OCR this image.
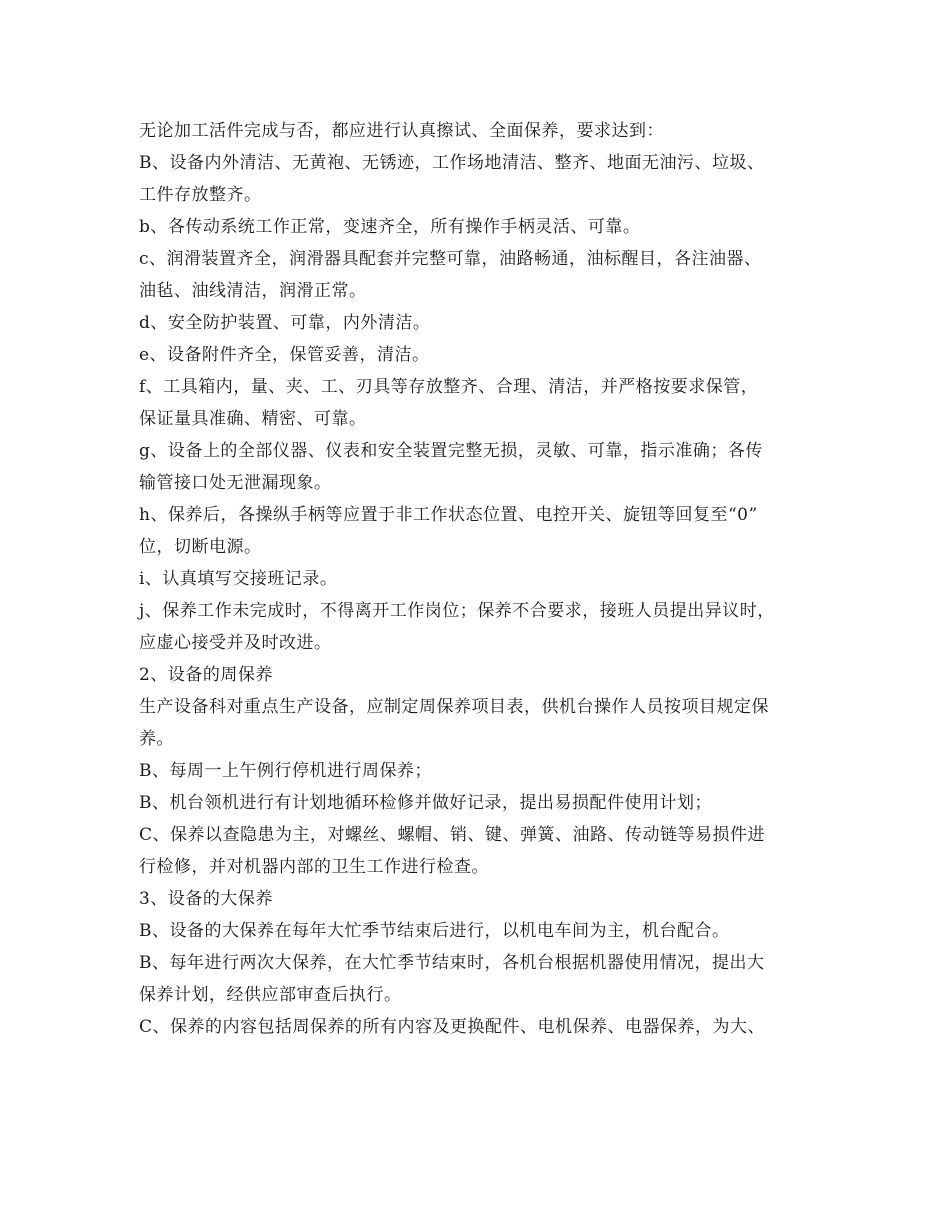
无论加工活件完成与否，都应进行认真擦试、全面保养，要求达到：
B、设备内外清洁、无黄袍、无锈迹，工作场地清洁、整齐、地面无油污、垃圾、
工件存放整齐。
b、各传动系统工作正常，变速齐全，所有操作手柄灵活、可靠。
c、润滑装置齐全，润滑器具配套并完整可靠，油路畅通，油标醒目，各注油器、
油毡、油线清洁，润滑正常。
d、安全防护装置、可靠，内外清洁。
e、设备附件齐全，保管妥善，清洁。
f、工具箱内，量、夹、工、刃具等存放整齐、合理、清洁，并严格按要求保管，
保证量具准确、精密、可靠。
g、设备上的全部仪器、仪表和安全装置完整无损，灵敏、可靠，指示准确；各传
输管接口处无泄漏现象。
h、保养后，各操纵手柄等应置于非工作状态位置、电控开关、旋钮等回复至“0”
位，切断电源。
i、认真填写交接班记录。
j、保养工作未完成时，不得离开工作岗位；保养不合要求，接班人员提出异议时，
应虚心接受并及时改进。
2、设备的周保养
生产设备科对重点生产设备，应制定周保养项目表，供机台操作人员按项目规定保
养。
B、每周一上午例行停机进行周保养；
B、机台领机进行有计划地循环检修并做好记录，提出易损配件使用计划；
C、保养以查隐患为主，对螺丝、螺帽、销、键、弹簧、油路、传动链等易损件进
行检修，并对机器内部的卫生工作进行检查。
3、设备的大保养
B、设备的大保养在每年大忙季节结束后进行，以机电车间为主，机台配合。
B、每年进行两次大保养，在大忙季节结束时，各机台根据机器使用情况，提出大
保养计划，经供应部审查后执行。
C、保养的内容包括周保养的所有内容及更换配件、电机保养、电器保养，为大、
